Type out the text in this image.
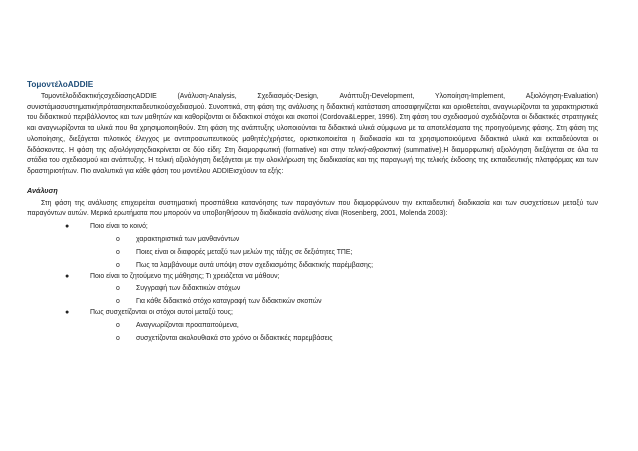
ΤομοντέλοADDIE

ΤομοντέλοδιδακτικήςσχεδίασηςADDIE (Ανάλυση-Analysis, Σχεδιασμός-Design, Ανάπτυξη-Development, Υλοποίηση-Implement, Αξιολόγηση-Evaluation) συνιστάμιασυστηματικήπρότασηεκπαιδευτικούσχεδιασμού. Συνοπτικά, στη φάση της ανάλυσης η διδακτική κατάσταση αποσαφηνίζεται και οριοθετείται, αναγνωρίζονται τα χαρακτηριστικά του διδακτικού περιβάλλοντος και των μαθητών και καθορίζονται οι διδακτικοί στόχοι και σκοποί (Cordova&Lepper, 1996). Στη φάση του σχεδιασμού σχεδιάζονται οι διδακτικές στρατηγικές και αναγνωρίζονται τα υλικά που θα χρησιμοποιηθούν. Στη φάση της ανάπτυξης υλοποιούνται τα διδακτικά υλικά σύμφωνα με τα αποτελέσματα της προηγούμενης φάσης. Στη φάση της υλοποίησης, διεξάγεται πιλοτικός έλεγχος με αντιπροσωπευτικούς μαθητές/χρήστες, οριστικοποιείται η διαδικασία και τα χρησιμοποιούμενα διδακτικά υλικά και εκπαιδεύονται οι διδάσκοντες. Η φάση της αξιολόγησηςδιακρίνεται σε δύο είδη: Στη διαμορφωτική (formative) και στην τελική-αθροιστική (summative).Η διαμορφωτική αξιολόγηση διεξάγεται σε όλα τα στάδια του σχεδιασμού και ανάπτυξης. Η τελική αξιολόγηση διεξάγεται με την ολοκλήρωση της διαδικασίας και της παραγωγή της τελικής έκδοσης της εκπαιδευτικής πλατφόρμας και των δραστηριοτήτων. Πιο αναλυτικά για κάθε φάση του μοντέλου ADDIEισχύουν τα εξής:

Ανάλυση

Στη φάση της ανάλυσης επιχειρείται συστηματική προσπάθεια κατανόησης των παραγόντων που διαμορφώνουν την εκπαιδευτική διαδικασία και των συσχετίσεων μεταξύ των παραγόντων αυτών. Μερικά ερωτήματα που μπορούν να υποβοηθήσουν τη διαδικασία ανάλυσης είναι (Rosenberg, 2001, Molenda 2003):

●	Ποιο είναι το κοινό;
o χαρακτηριστικά των μανθανόντων
o Ποιες είναι οι διαφορές μεταξύ των μελών της τάξης σε δεξιότητες ΤΠΕ;
o Πως τα λαμβάνουμε αυτά υπόψη στον σχεδιασμότης διδακτικής παρέμβασης;
●	Ποιο είναι το ζητούμενο της μάθησης; Τι χρειάζεται να μάθουν;
o Συγγραφή των διδακτικών στόχων
o Για κάθε διδακτικό στόχο καταγραφή των διδακτικών σκοπών
●	Πως συσχετίζονται οι στόχοι αυτοί μεταξύ τους;
o Αναγνωρίζονται προαπαιτούμενα,
o συσχετίζονται ακολουθιακά στο χρόνο οι διδακτικές παρεμβάσεις
